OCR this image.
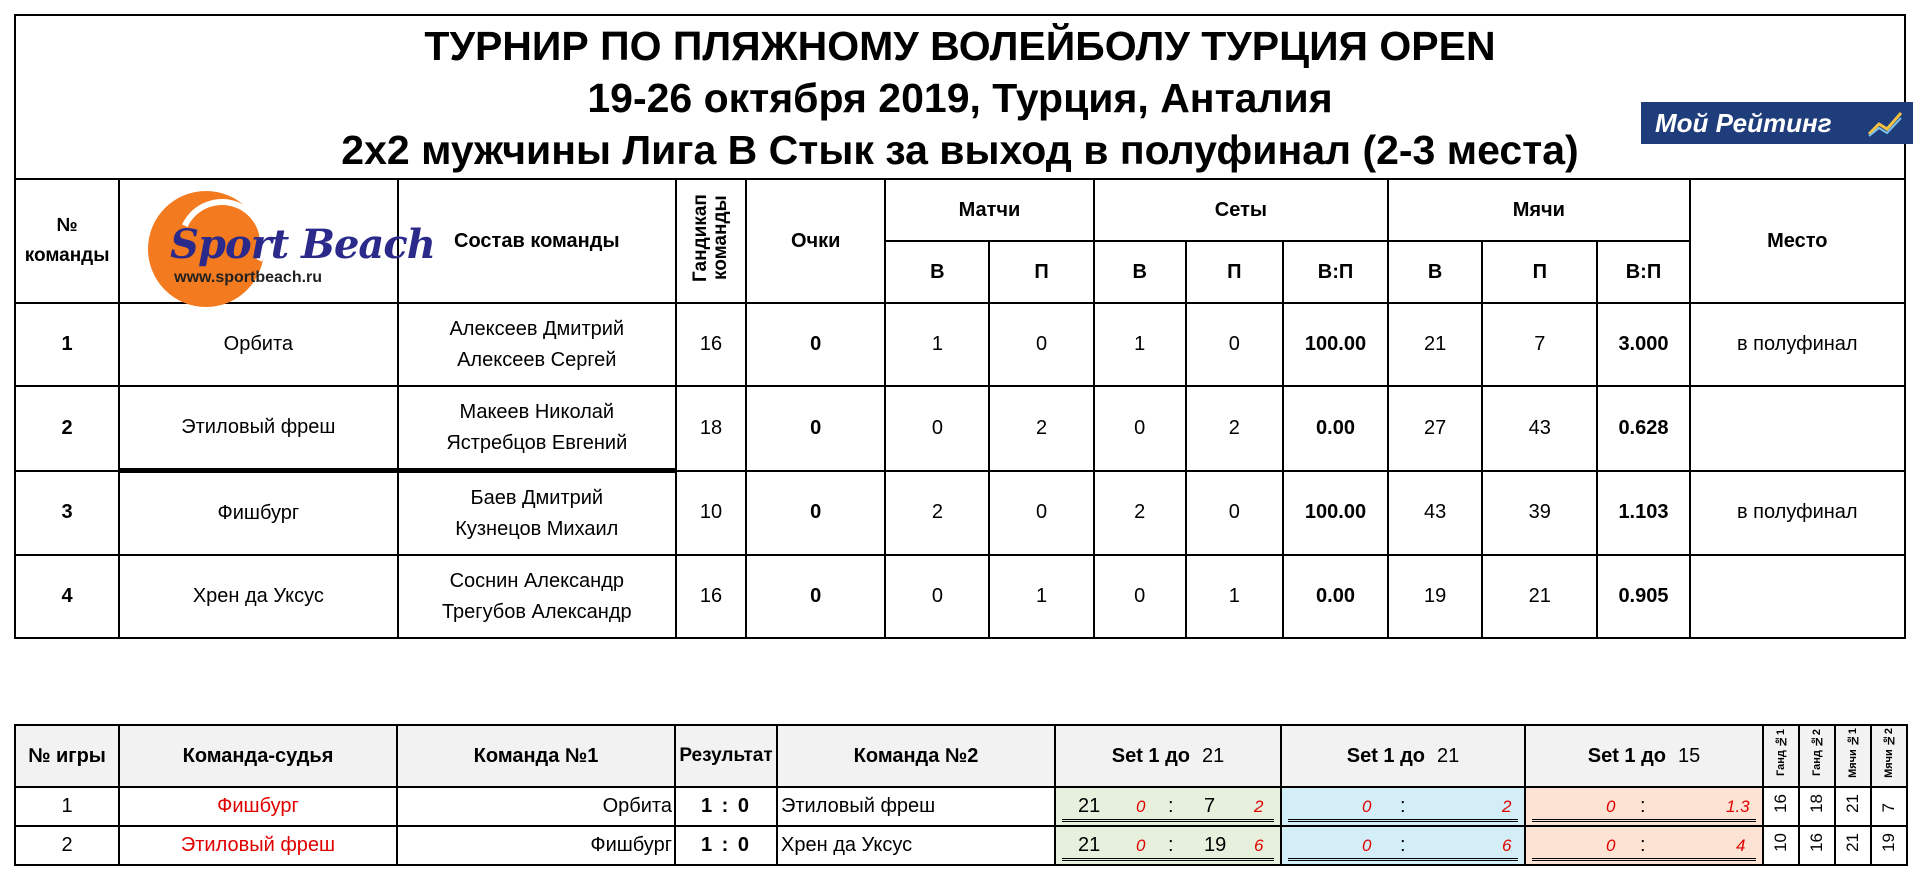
ТУРНИР ПО ПЛЯЖНОМУ ВОЛЕЙБОЛУ ТУРЦИЯ OPEN
19-26 октября 2019, Турция, Анталия
2х2 мужчины Лига В Стык за выход в полуфинал (2-3 места)
Мой Рейтинг
№ команды	Sport Beach
www.sportbeach.ru	Состав команды	Гандикап команды	Очки	Матчи		Сеты			Мячи			Место
					В	П	В	П	В:П	В	П	В:П	
1	Орбита	Алексеев Дмитрий
Алексеев Сергей	16	0	1	0	1	0	100.00	21	7	3.000	в полуфинал
2	Этиловый фреш	Макеев Николай
Ястребцов Евгений	18	0	0	2	0	2	0.00	27	43	0.628	
3	Фишбург	Баев Дмитрий
Кузнецов Михаил	10	0	2	0	2	0	100.00	43	39	1.103	в полуфинал
4	Хрен да Уксус	Соснин Александр
Трегубов Александр	16	0	0	1	0	1	0.00	19	21	0.905	
№ игры	Команда-судья	Команда №1	Результат	Команда №2	Set 1 до 21	Set 1 до 21	Set 1 до 15	Ганд №1	Ганд №2	Мячи №1	Мячи №2
1	Фишбург	Орбита	1 : 0	Этиловый фреш	21 0 : 7 2	0 : 2	0 : 1.3	16	18	21	7
2	Этиловый фреш	Фишбург	1 : 0	Хрен да Уксус	21 0 : 19 6	0 : 6	0 : 4	10	16	21	19
